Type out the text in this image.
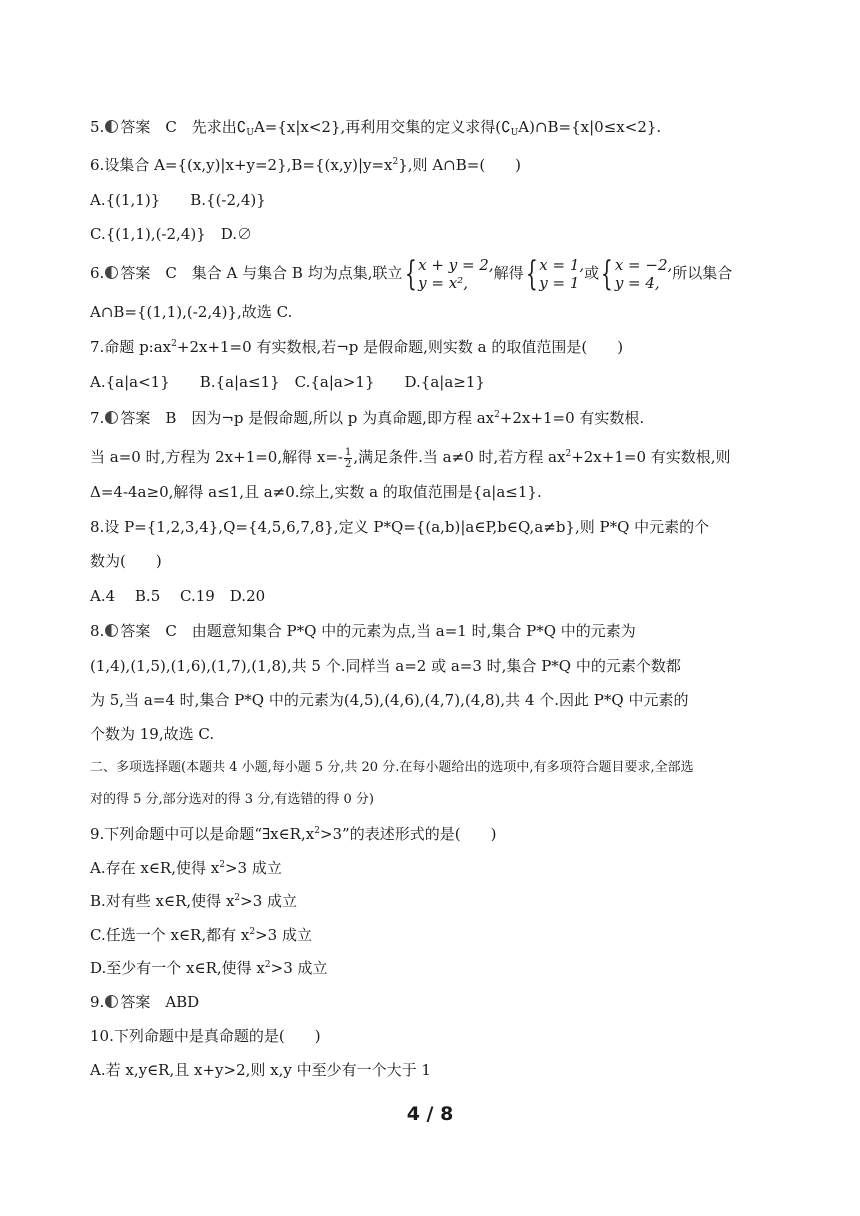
5. 答案　C　先求出$∁_UA=\{x|x<2\}$,再利用交集的定义求得$(∁_UA)\cap B=\{x|0\le x<2\}$.
6.设集合 $A=\{(x,y)|x+y=2\},B=\{(x,y)|y=x^2\}$,则 A∩B=(　　)
A.{(1,1)}　　B.{(-2,4)}
C.{(1,1),(-2,4)}　D.∅
6. 答案　C　集合 A 与集合 B 均为点集,联立{ x + y = 2,
y = x²,
解得{ x = 1,
y = 1
或{ x = −2,
y = 4,
所以集合
A∩B={(1,1),(-2,4)},故选 C.
7.命题 $p:ax^2+2x+1=0$ 有实数根,若¬p 是假命题,则实数 a 的取值范围是(　　)
A.{a|a<1}　　B.{a|a≤1}　C.{a|a>1}　　D.{a|a≥1}
7. 答案　B　因为¬p 是假命题,所以 p 为真命题,即方程 $ax^2+2x+1=0$ 有实数根.
当 a=0 时,方程为 2x+1=0,解得 $x=- \frac{1}{2}$ ,满足条件.当 a≠0 时,若方程 $ax^2+2x+1=0$ 有实数根,则
Δ=4-4a≥0,解得 a≤1,且 a≠0.综上,实数 a 的取值范围是{a|a≤1}.
8.设 P={1,2,3,4},Q={4,5,6,7,8},定义 P*Q={(a,b)|a∈P,b∈Q,a≠b},则 P*Q 中元素的个
数为(　　)
A.4　 B.5　 C.19　D.20
8. 答案　C　由题意知集合 P*Q 中的元素为点,当 a=1 时,集合 P*Q 中的元素为
(1,4),(1,5),(1,6),(1,7),(1,8),共 5 个.同样当 a=2 或 a=3 时,集合 P*Q 中的元素个数都
为 5,当 a=4 时,集合 P*Q 中的元素为(4,5),(4,6),(4,7),(4,8),共 4 个.因此 P*Q 中元素的
个数为 19,故选 C.
二、多项选择题(本题共 4 小题,每小题 5 分,共 20 分.在每小题给出的选项中,有多项符合题目要求,全部选
对的得 5 分,部分选对的得 3 分,有选错的得 0 分)
9.下列命题中可以是命题“$\exists x\in R,x^2>3$”的表述形式的是(　　)
A.存在 x∈R,使得 $x^2>3$ 成立
B.对有些 x∈R,使得 $x^2>3$ 成立
C.任选一个 x∈R,都有 $x^2>3$ 成立
D.至少有一个 x∈R,使得 $x^2>3$ 成立
9. 答案　ABD
10.下列命题中是真命题的是(　　)
A.若 x,y∈R,且 x+y>2,则 x,y 中至少有一个大于 1
4 / 8
